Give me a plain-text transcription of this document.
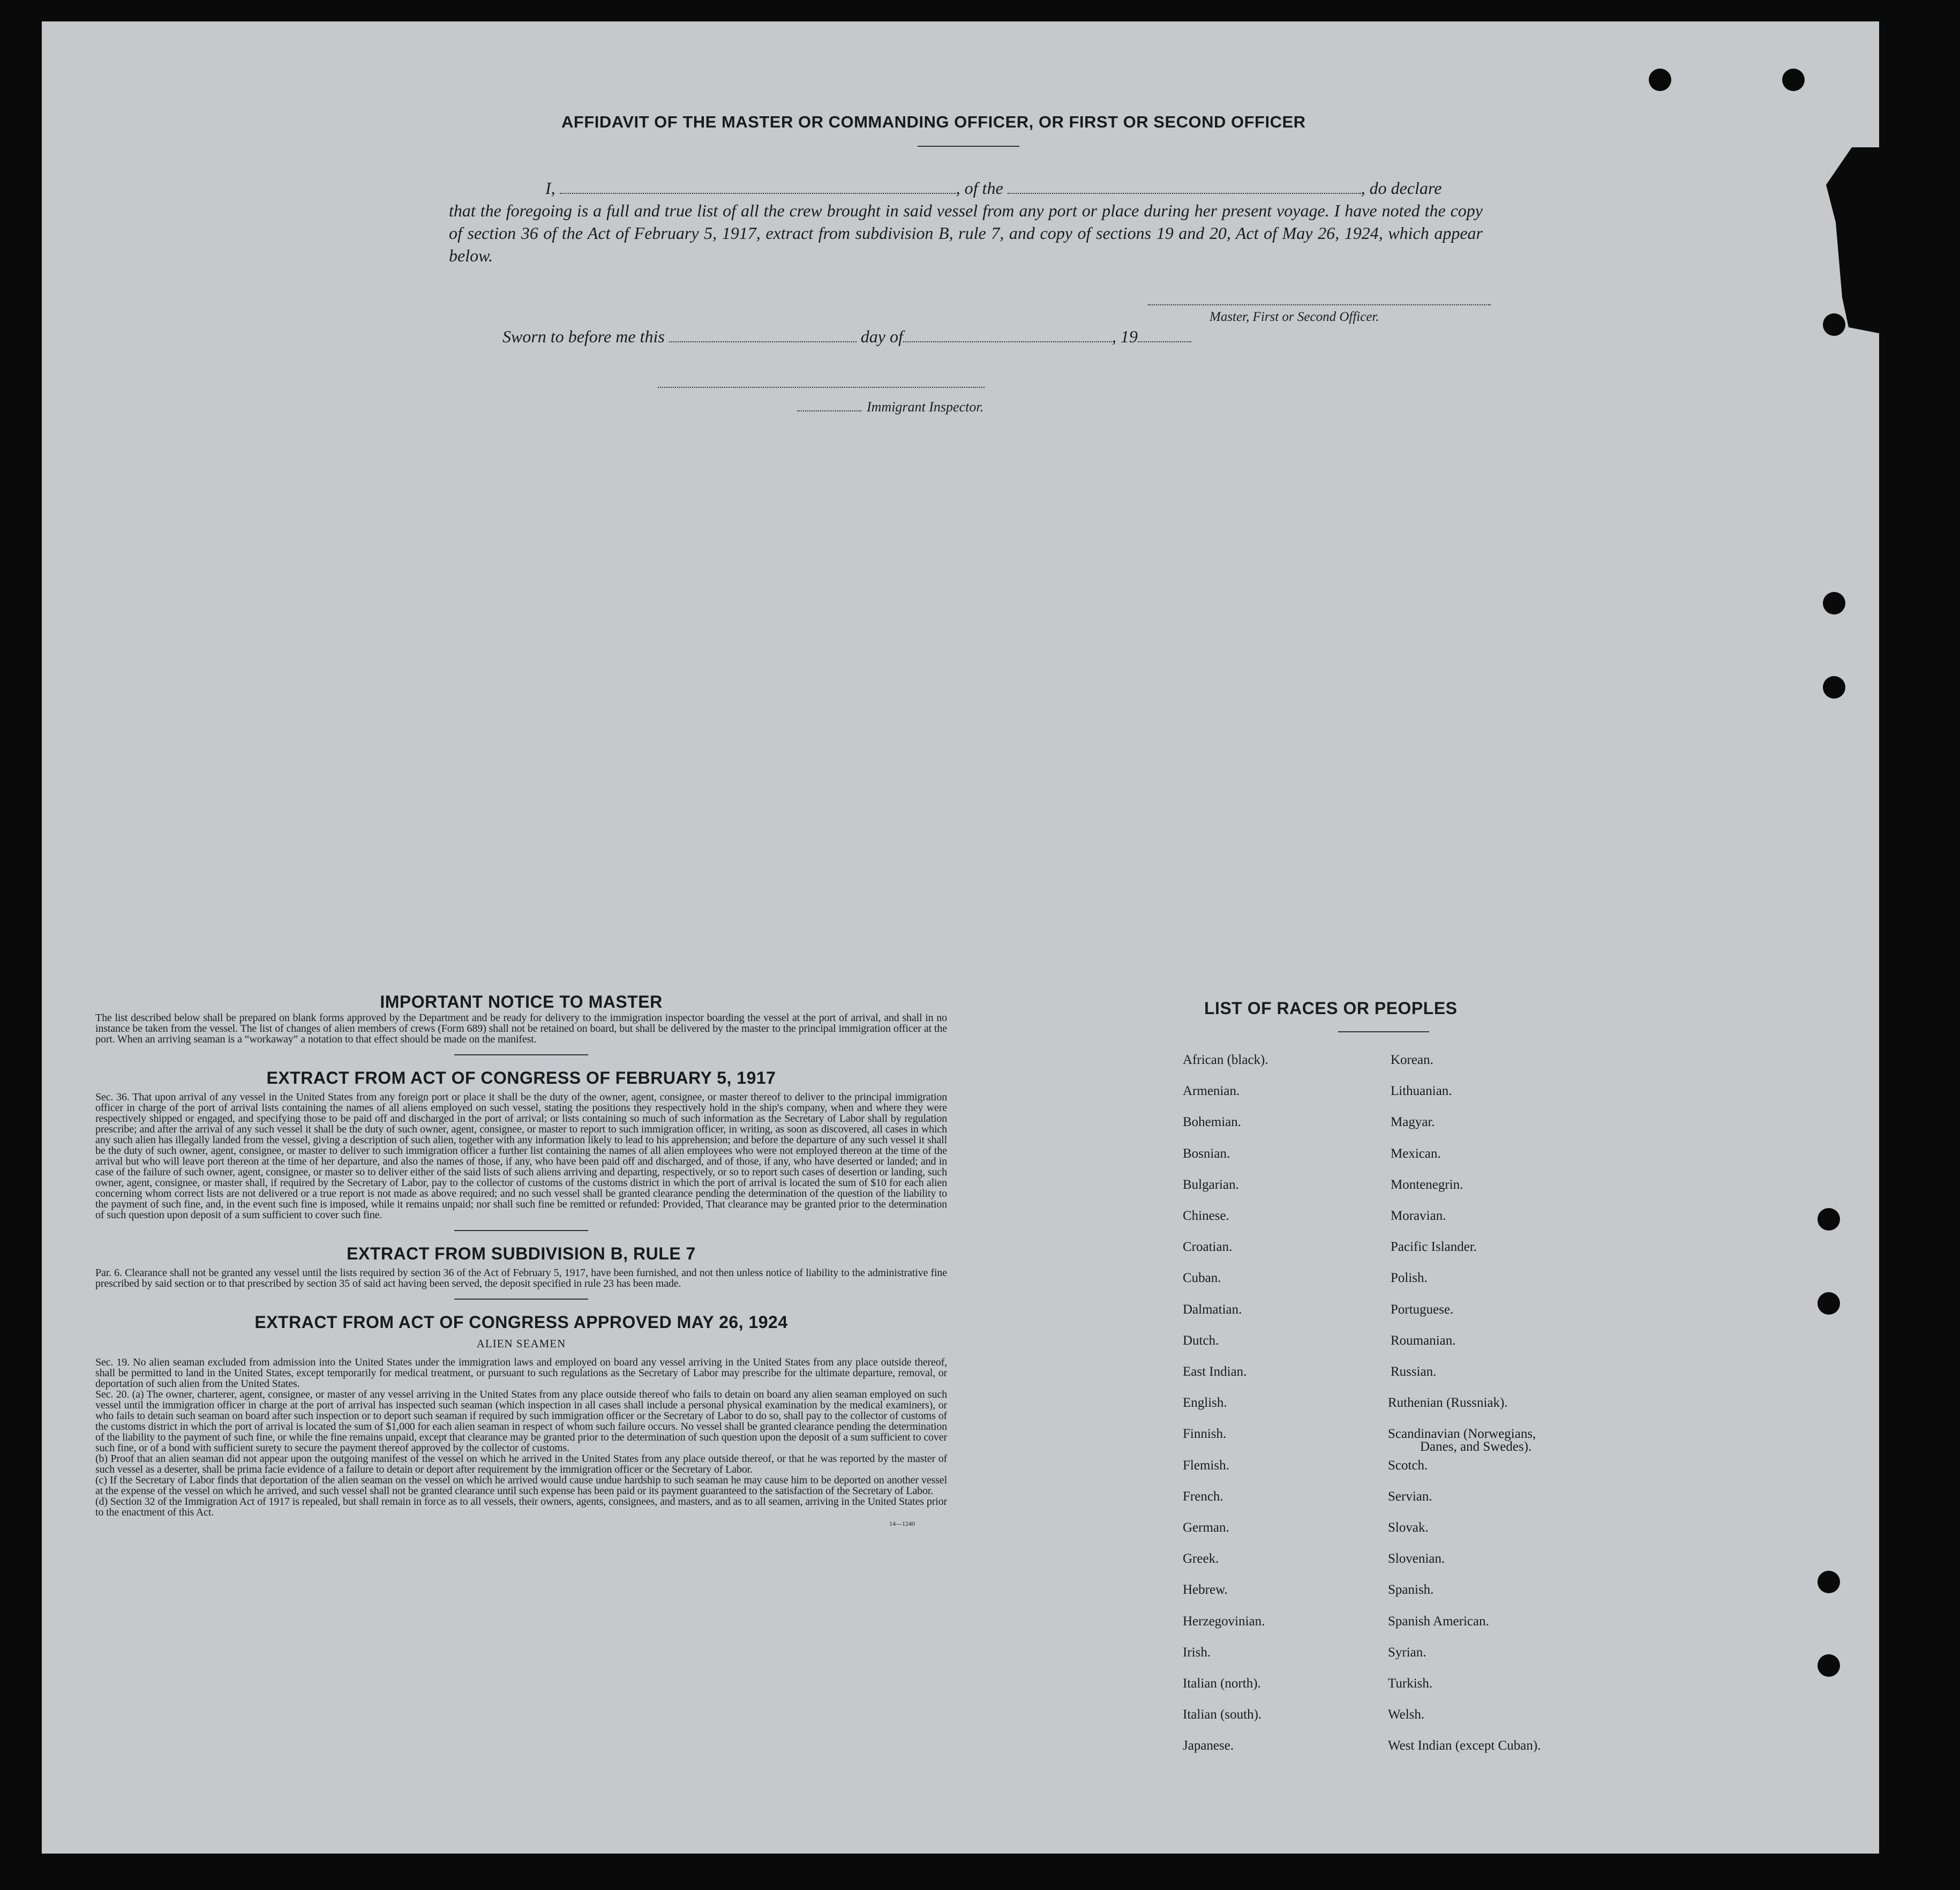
AFFIDAVIT OF THE MASTER OR COMMANDING OFFICER, OR FIRST OR SECOND OFFICER

I,	, of the	, do declare

that the foregoing is a full and true list of all the crew brought in said vessel from any port or place during her present voyage. I have noted the copy of section 36 of the Act of February 5, 1917, extract from subdivision B, rule 7, and copy of sections 19 and 20, Act of May 26, 1924, which appear below.

Master, First or Second Officer.
Sworn to before me this	day of	, 19
Immigrant Inspector.
IMPORTANT NOTICE TO MASTER

The list described below shall be prepared on blank forms approved by the Department and be ready for delivery to the immigration inspector boarding the vessel at the port of arrival, and shall in no instance be taken from the vessel. The list of changes of alien members of crews (Form 689) shall not be retained on board, but shall be delivered by the master to the principal immigration officer at the port. When an arriving seaman is a “workaway” a notation to that effect should be made on the manifest.

EXTRACT FROM ACT OF CONGRESS OF FEBRUARY 5, 1917

Sec. 36. That upon arrival of any vessel in the United States from any foreign port or place it shall be the duty of the owner, agent, consignee, or master thereof to deliver to the principal immigration officer in charge of the port of arrival lists containing the names of all aliens employed on such vessel, stating the positions they respectively hold in the ship's company, when and where they were respectively shipped or engaged, and specifying those to be paid off and discharged in the port of arrival; or lists containing so much of such information as the Secretary of Labor shall by regulation prescribe; and after the arrival of any such vessel it shall be the duty of such owner, agent, consignee, or master to report to such immigration officer, in writing, as soon as discovered, all cases in which any such alien has illegally landed from the vessel, giving a description of such alien, together with any information likely to lead to his apprehension; and before the departure of any such vessel it shall be the duty of such owner, agent, consignee, or master to deliver to such immigration officer a further list containing the names of all alien employees who were not employed thereon at the time of the arrival but who will leave port thereon at the time of her departure, and also the names of those, if any, who have been paid off and discharged, and of those, if any, who have deserted or landed; and in case of the failure of such owner, agent, consignee, or master so to deliver either of the said lists of such aliens arriving and departing, respectively, or so to report such cases of desertion or landing, such owner, agent, consignee, or master shall, if required by the Secretary of Labor, pay to the collector of customs of the customs district in which the port of arrival is located the sum of $10 for each alien concerning whom correct lists are not delivered or a true report is not made as above required; and no such vessel shall be granted clearance pending the determination of the question of the liability to the payment of such fine, and, in the event such fine is imposed, while it remains unpaid; nor shall such fine be remitted or refunded: Provided, That clearance may be granted prior to the determination of such question upon deposit of a sum sufficient to cover such fine.

EXTRACT FROM SUBDIVISION B, RULE 7

Par. 6. Clearance shall not be granted any vessel until the lists required by section 36 of the Act of February 5, 1917, have been furnished, and not then unless notice of liability to the administrative fine prescribed by said section or to that prescribed by section 35 of said act having been served, the deposit specified in rule 23 has been made.

EXTRACT FROM ACT OF CONGRESS APPROVED MAY 26, 1924
ALIEN SEAMEN

Sec. 19. No alien seaman excluded from admission into the United States under the immigration laws and employed on board any vessel arriving in the United States from any place outside thereof, shall be permitted to land in the United States, except temporarily for medical treatment, or pursuant to such regulations as the Secretary of Labor may prescribe for the ultimate departure, removal, or deportation of such alien from the United States.

Sec. 20. (a) The owner, charterer, agent, consignee, or master of any vessel arriving in the United States from any place outside thereof who fails to detain on board any alien seaman employed on such vessel until the immigration officer in charge at the port of arrival has inspected such seaman (which inspection in all cases shall include a personal physical examination by the medical examiners), or who fails to detain such seaman on board after such inspection or to deport such seaman if required by such immigration officer or the Secretary of Labor to do so, shall pay to the collector of customs of the customs district in which the port of arrival is located the sum of $1,000 for each alien seaman in respect of whom such failure occurs. No vessel shall be granted clearance pending the determination of the liability to the payment of such fine, or while the fine remains unpaid, except that clearance may be granted prior to the determination of such question upon the deposit of a sum sufficient to cover such fine, or of a bond with sufficient surety to secure the payment thereof approved by the collector of customs.

(b) Proof that an alien seaman did not appear upon the outgoing manifest of the vessel on which he arrived in the United States from any place outside thereof, or that he was reported by the master of such vessel as a deserter, shall be prima facie evidence of a failure to detain or deport after requirement by the immigration officer or the Secretary of Labor.

(c) If the Secretary of Labor finds that deportation of the alien seaman on the vessel on which he arrived would cause undue hardship to such seaman he may cause him to be deported on another vessel at the expense of the vessel on which he arrived, and such vessel shall not be granted clearance until such expense has been paid or its payment guaranteed to the satisfaction of the Secretary of Labor.

(d) Section 32 of the Immigration Act of 1917 is repealed, but shall remain in force as to all vessels, their owners, agents, consignees, and masters, and as to all seamen, arriving in the United States prior to the enactment of this Act.

14—1240
LIST OF RACES OR PEOPLES
African (black).
Armenian.
Bohemian.
Bosnian.
Bulgarian.
Chinese.
Croatian.
Cuban.
Dalmatian.
Dutch.
East Indian.
English.
Finnish.
Flemish.
French.
German.
Greek.
Hebrew.
Herzegovinian.
Irish.
Italian (north).
Italian (south).
Japanese.
Korean.
Lithuanian.
Magyar.
Mexican.
Montenegrin.
Moravian.
Pacific Islander.
Polish.
Portuguese.
Roumanian.
Russian.
Ruthenian (Russniak).
Scandinavian (Norwegians,
Scotch.
Servian.
Slovak.
Slovenian.
Spanish.
Spanish American.
Syrian.
Turkish.
Welsh.
West Indian (except Cuban).
Danes, and Swedes).
